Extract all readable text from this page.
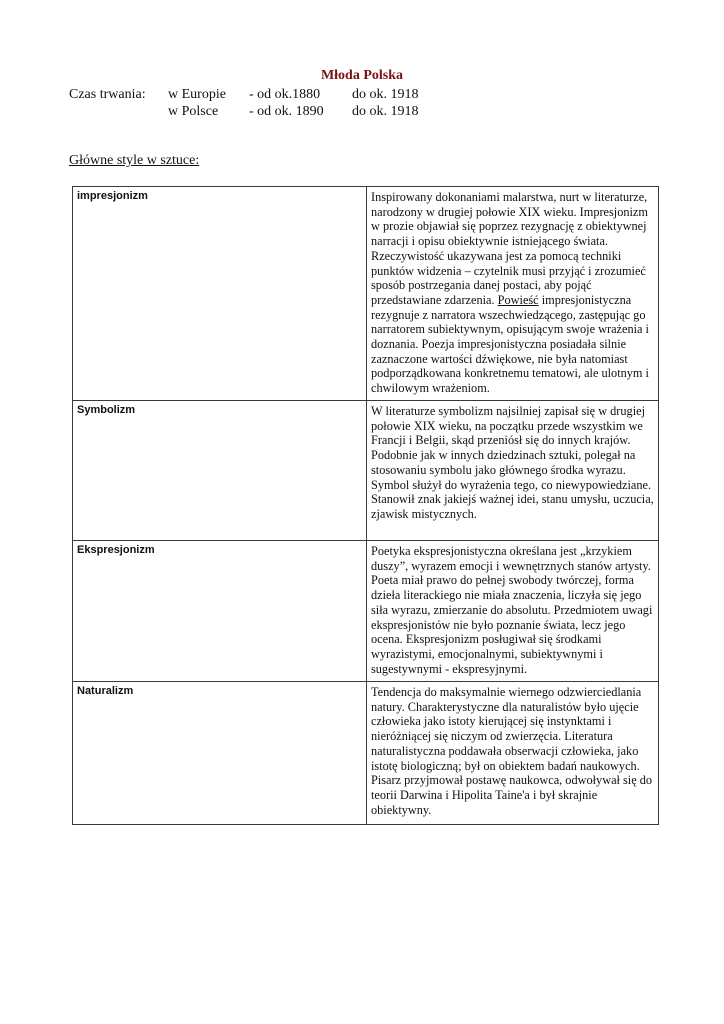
Młoda Polska
Czas trwania: w Europie - od ok.1880 do ok. 1918
w Polsce - od ok. 1890 do ok. 1918
Główne style w sztuce:
impresjonizm	Inspirowany dokonaniami malarstwa, nurt w literaturze, narodzony w drugiej połowie XIX wieku. Impresjonizm w prozie objawiał się poprzez rezygnację z obiektywnej narracji i opisu obiektywnie istniejącego świata. Rzeczywistość ukazywana jest za pomocą techniki punktów widzenia – czytelnik musi przyjąć i zrozumieć sposób postrzegania danej postaci, aby pojąć przedstawiane zdarzenia. Powieść impresjonistyczna rezygnuje z narratora wszechwiedzącego, zastępując go narratorem subiektywnym, opisującym swoje wrażenia i doznania. Poezja impresjonistyczna posiadała silnie zaznaczone wartości dźwiękowe, nie była natomiast podporządkowana konkretnemu tematowi, ale ulotnym i chwilowym wrażeniom.
Symbolizm	W literaturze symbolizm najsilniej zapisał się w drugiej połowie XIX wieku, na początku przede wszystkim we Francji i Belgii, skąd przeniósł się do innych krajów. Podobnie jak w innych dziedzinach sztuki, polegał na stosowaniu symbolu jako głównego środka wyrazu. Symbol służył do wyrażenia tego, co niewypowiedziane. Stanowił znak jakiejś ważnej idei, stanu umysłu, uczucia, zjawisk mistycznych.
Ekspresjonizm	Poetyka ekspresjonistyczna określana jest „krzykiem duszy”, wyrazem emocji i wewnętrznych stanów artysty. Poeta miał prawo do pełnej swobody twórczej, forma dzieła literackiego nie miała znaczenia, liczyła się jego siła wyrazu, zmierzanie do absolutu. Przedmiotem uwagi ekspresjonistów nie było poznanie świata, lecz jego ocena. Ekspresjonizm posługiwał się środkami wyrazistymi, emocjonalnymi, subiektywnymi i sugestywnymi - ekspresyjnymi.
Naturalizm	Tendencja do maksymalnie wiernego odzwierciedlania natury. Charakterystyczne dla naturalistów było ujęcie człowieka jako istoty kierującej się instynktami i nieróżniącej się niczym od zwierzęcia. Literatura naturalistyczna poddawała obserwacji człowieka, jako istotę biologiczną; był on obiektem badań naukowych. Pisarz przyjmował postawę naukowca, odwoływał się do teorii Darwina i Hipolita Taine'a i był skrajnie obiektywny.
